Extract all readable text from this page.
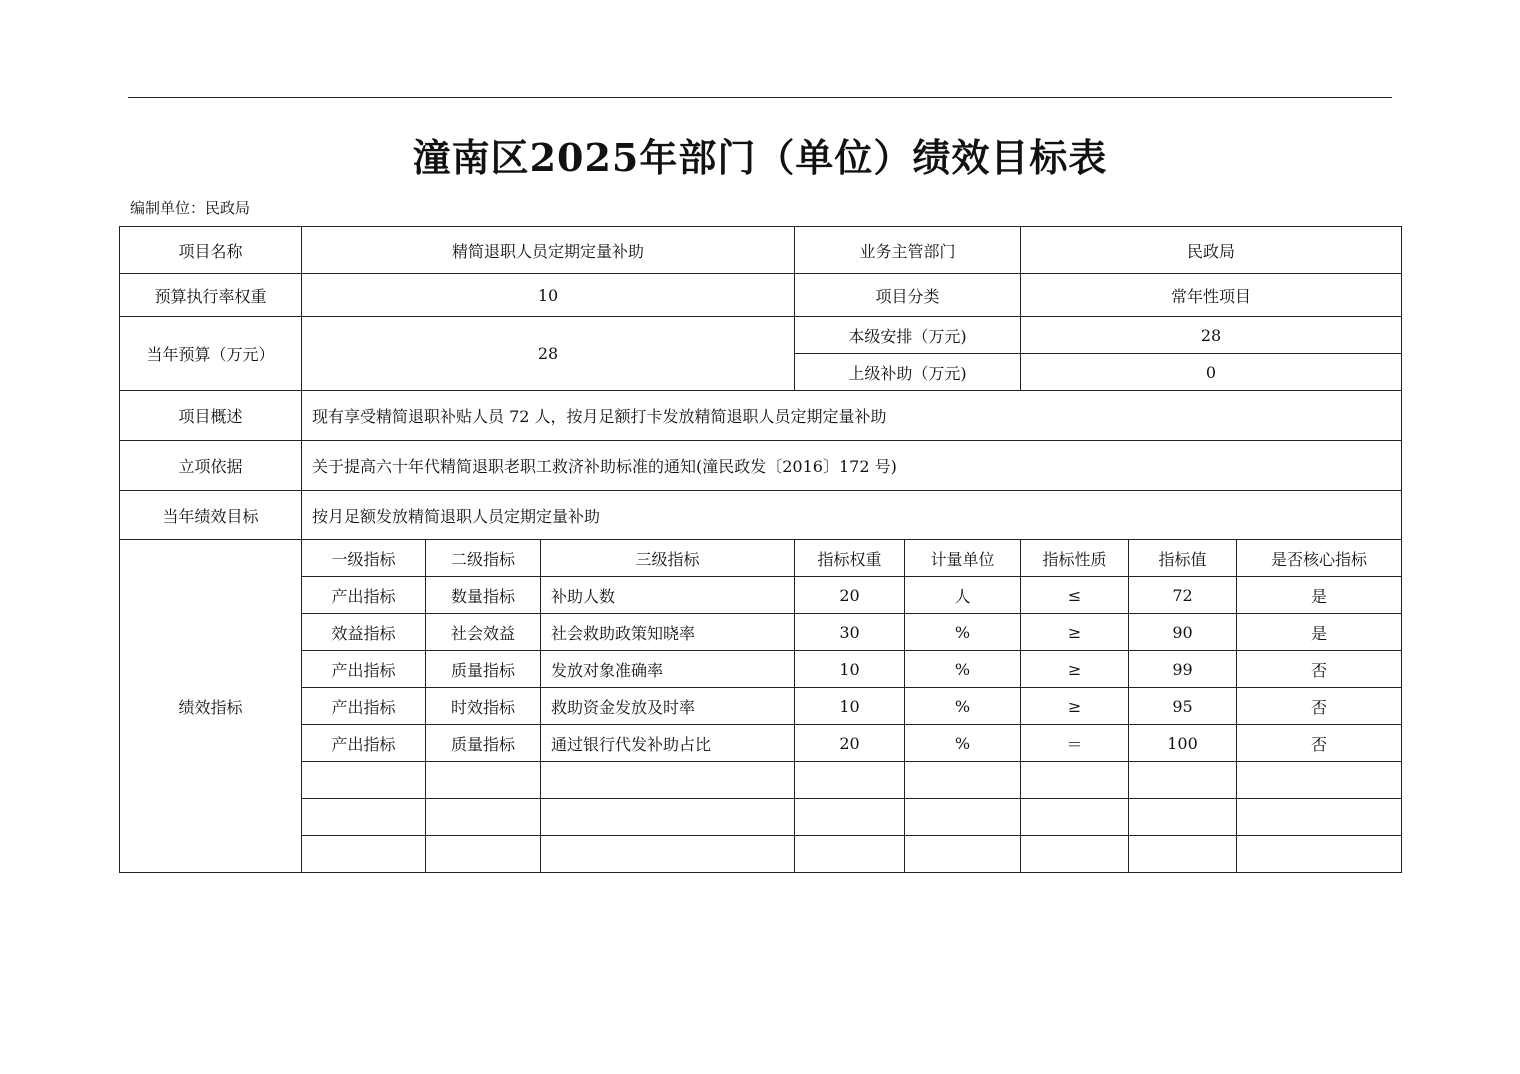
潼南区2025年部门（单位）绩效目标表
编制单位：民政局
项目名称	精简退职人员定期定量补助			业务主管部门		民政局		
预算执行率权重	10			项目分类		常年性项目		
当年预算（万元）	28			本级安排（万元)		28		
				上级补助（万元)		0		
项目概述	现有享受精简退职补贴人员 72 人，按月足额打卡发放精简退职人员定期定量补助							
立项依据	关于提高六十年代精简退职老职工救济补助标准的通知(潼民政发〔2016〕172 号)							
当年绩效目标	按月足额发放精简退职人员定期定量补助							
绩效指标	一级指标	二级指标	三级指标	指标权重	计量单位	指标性质	指标值	是否核心指标
	产出指标	数量指标	补助人数	20	人	≤	72	是
	效益指标	社会效益	社会救助政策知晓率	30	%	≥	90	是
	产出指标	质量指标	发放对象准确率	10	%	≥	99	否
	产出指标	时效指标	救助资金发放及时率	10	%	≥	95	否
	产出指标	质量指标	通过银行代发补助占比	20	%	＝	100	否
